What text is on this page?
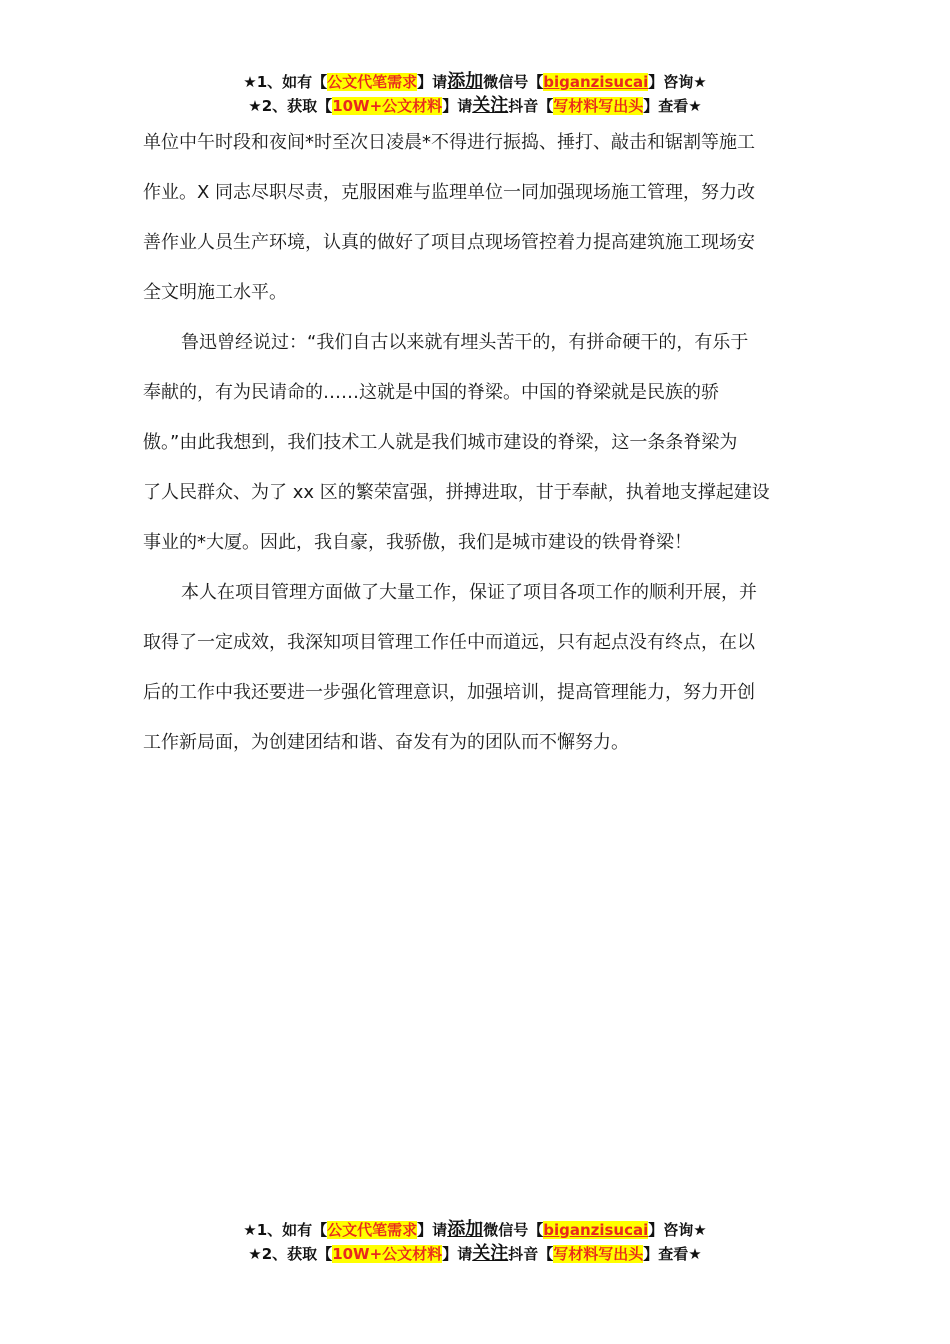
★1、如有【公文代笔需求】请添加微信号【biganzisucai】咨询★
★2、获取【10W+公文材料】请关注抖音【写材料写出头】查看★

单位中午时段和夜间*时至次日凌晨*不得进行振捣、捶打、敲击和锯割等施工
作业。X 同志尽职尽责，克服困难与监理单位一同加强现场施工管理，努力改
善作业人员生产环境，认真的做好了项目点现场管控着力提高建筑施工现场安
全文明施工水平。

鲁迅曾经说过：“我们自古以来就有埋头苦干的，有拼命硬干的，有乐于
奉献的，有为民请命的……这就是中国的脊梁。中国的脊梁就是民族的骄
傲。”由此我想到，我们技术工人就是我们城市建设的脊梁，这一条条脊梁为
了人民群众、为了 xx 区的繁荣富强，拼搏进取，甘于奉献，执着地支撑起建设
事业的*大厦。因此，我自豪，我骄傲，我们是城市建设的铁骨脊梁！

本人在项目管理方面做了大量工作，保证了项目各项工作的顺利开展，并
取得了一定成效，我深知项目管理工作任中而道远，只有起点没有终点，在以
后的工作中我还要进一步强化管理意识，加强培训，提高管理能力，努力开创
工作新局面，为创建团结和谐、奋发有为的团队而不懈努力。

★1、如有【公文代笔需求】请添加微信号【biganzisucai】咨询★
★2、获取【10W+公文材料】请关注抖音【写材料写出头】查看★
